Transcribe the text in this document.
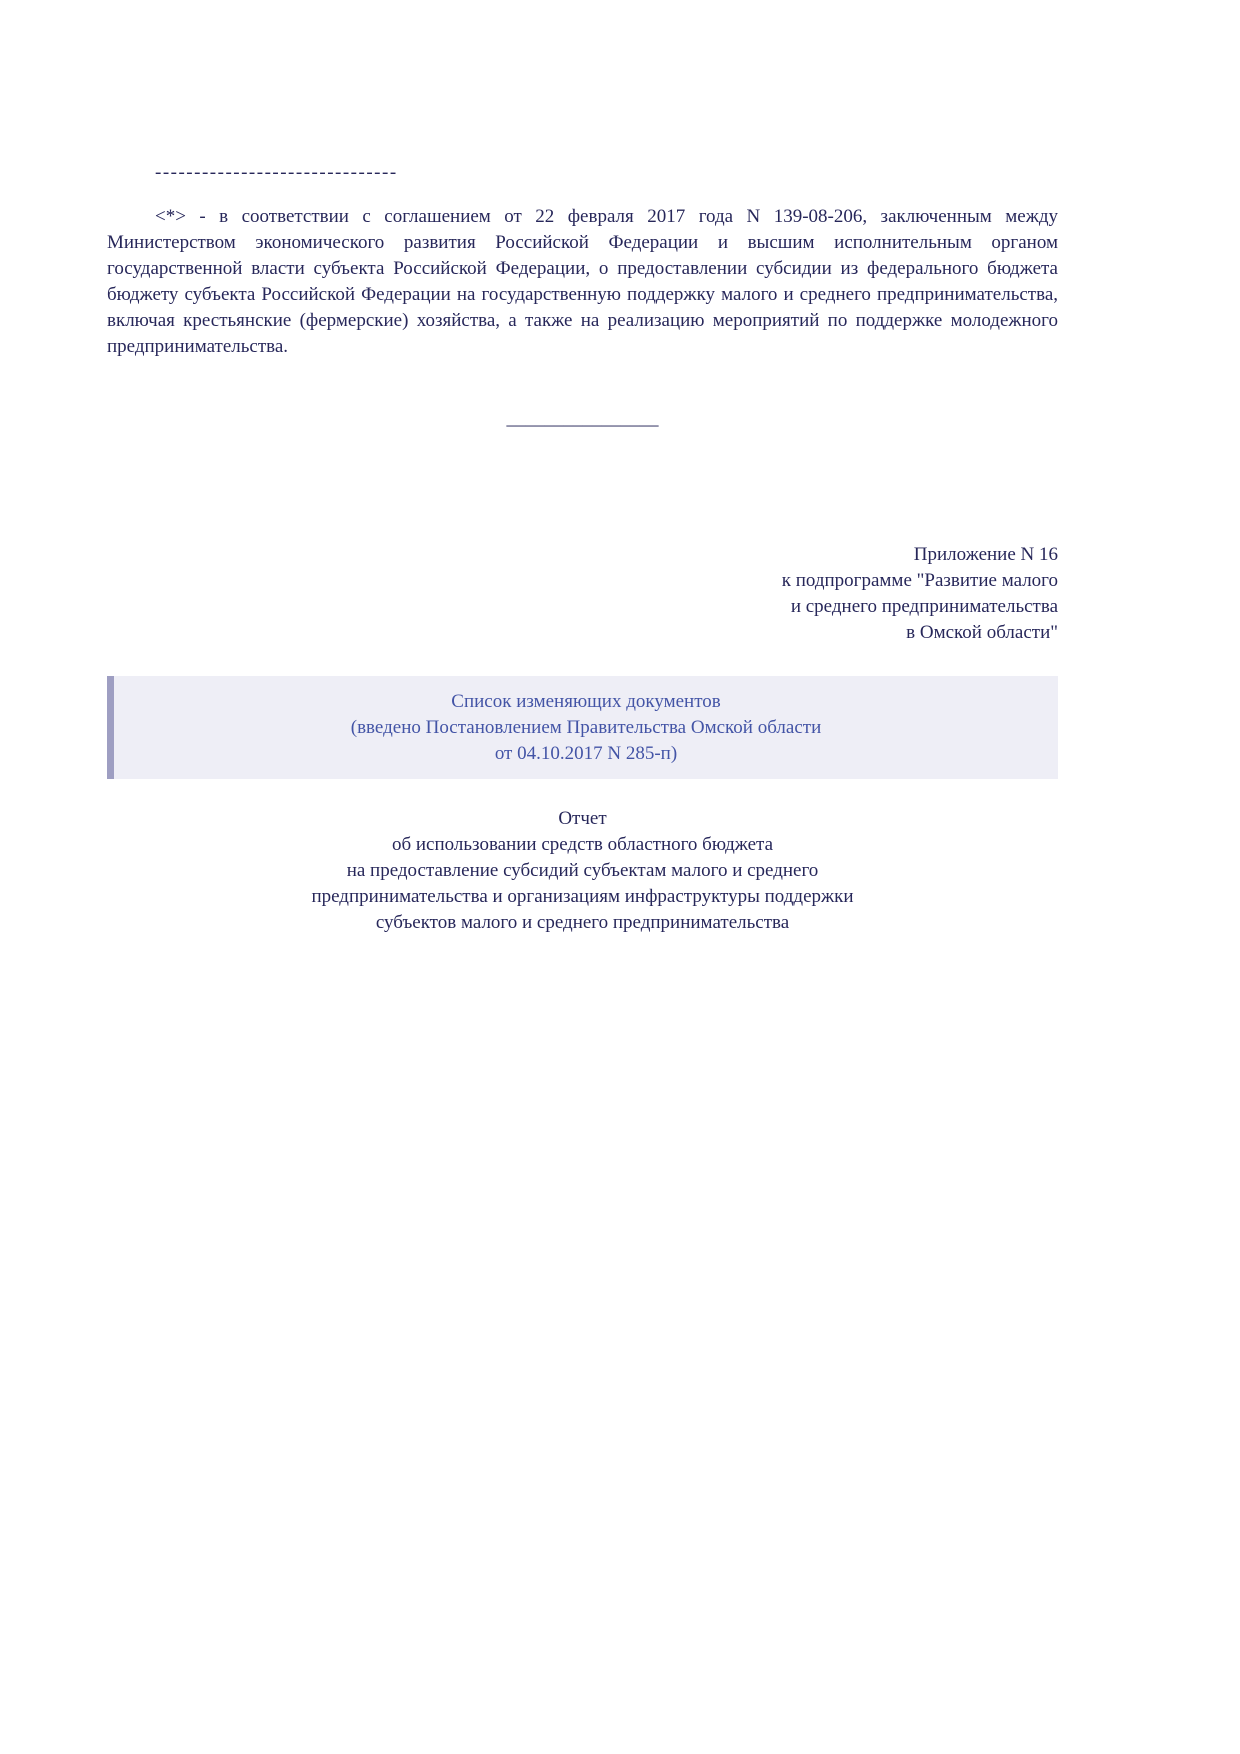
-------------------------------

<*> - в соответствии с соглашением от 22 февраля 2017 года N 139-08-206, заключенным между Министерством экономического развития Российской Федерации и высшим исполнительным органом государственной власти субъекта Российской Федерации, о предоставлении субсидии из федерального бюджета бюджету субъекта Российской Федерации на государственную поддержку малого и среднего предпринимательства, включая крестьянские (фермерские) хозяйства, а также на реализацию мероприятий по поддержке молодежного предпринимательства.

________________
Приложение N 16
к подпрограмме "Развитие малого
и среднего предпринимательства
в Омской области"
Список изменяющих документов
(введено Постановлением Правительства Омской области
от 04.10.2017 N 285-п)
Отчет
об использовании средств областного бюджета
на предоставление субсидий субъектам малого и среднего
предпринимательства и организациям инфраструктуры поддержки
субъектов малого и среднего предпринимательства
